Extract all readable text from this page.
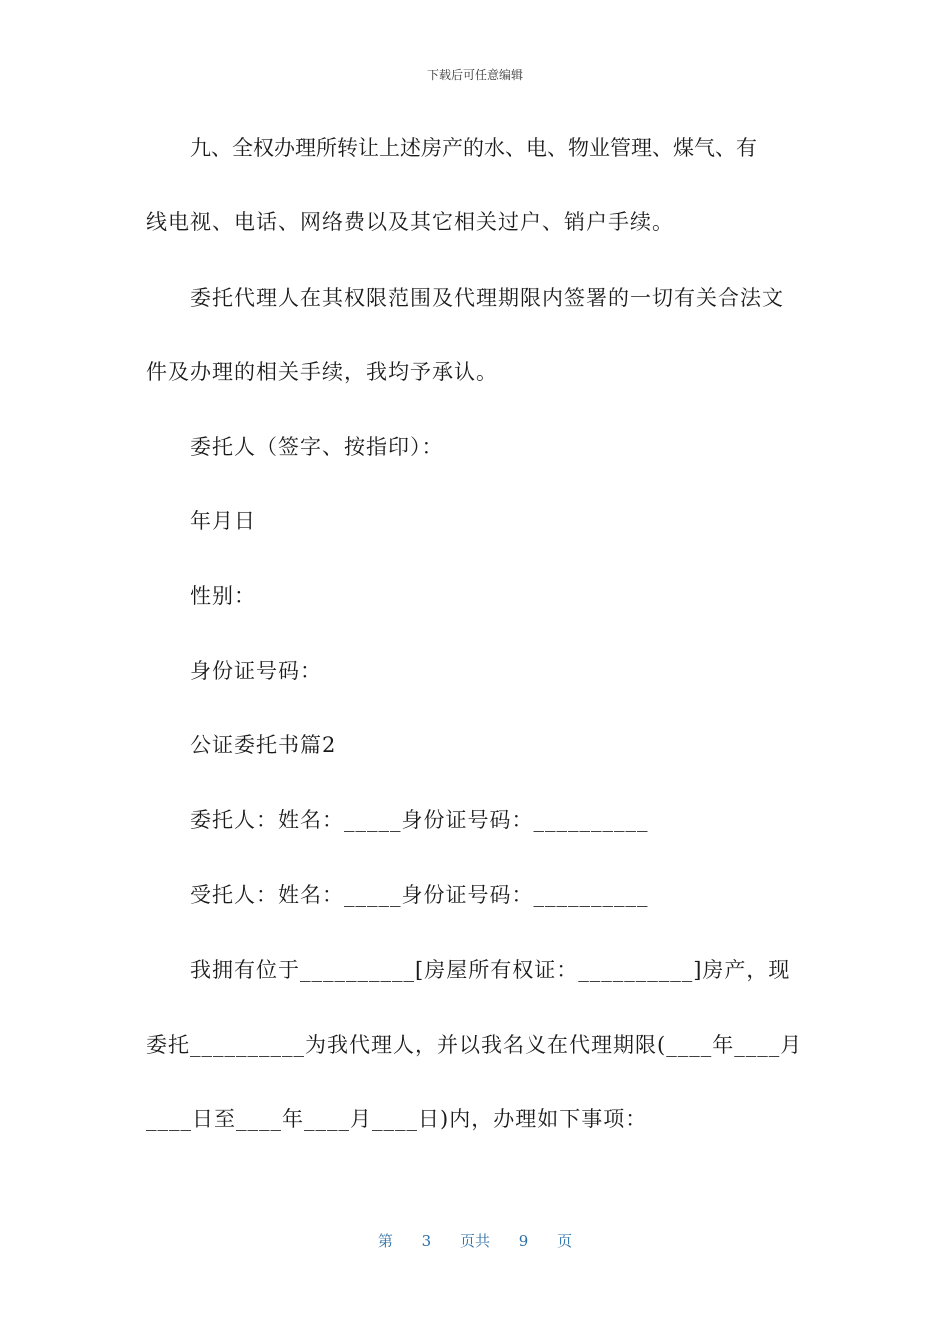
下载后可任意编辑
九、全权办理所转让上述房产的水、电、物业管理、煤气、有
线电视、电话、网络费以及其它相关过户、销户手续。
委托代理人在其权限范围及代理期限内签署的一切有关合法文
件及办理的相关手续，我均予承认。
委托人（签字、按指印）：
年月日
性别：
身份证号码：
公证委托书篇2
委托人：姓名：_____身份证号码：__________
受托人：姓名：_____身份证号码：__________
我拥有位于__________[房屋所有权证：__________]房产，现
委托__________为我代理人，并以我名义在代理期限(____年____月
____日至____年____月____日)内，办理如下事项：
第 3 页共 9 页
